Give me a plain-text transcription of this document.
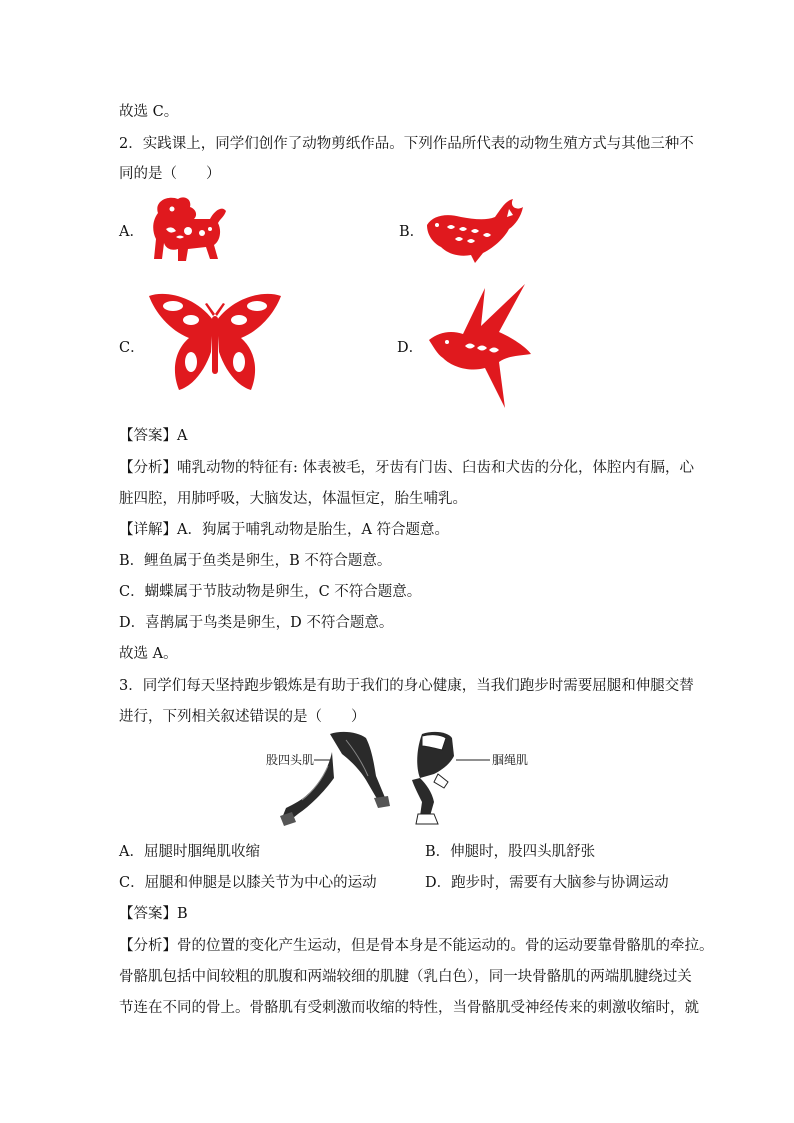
故选 C。
2．实践课上，同学们创作了动物剪纸作品。下列作品所代表的动物生殖方式与其他三种不
同的是（　　）
A．	B．
C．	D．
【答案】A
【分析】哺乳动物的特征有: 体表被毛，牙齿有门齿、臼齿和犬齿的分化，体腔内有膈，心
脏四腔，用肺呼吸，大脑发达，体温恒定，胎生哺乳。
【详解】A．狗属于哺乳动物是胎生，A 符合题意。
B．鲤鱼属于鱼类是卵生，B 不符合题意。
C．蝴蝶属于节肢动物是卵生，C 不符合题意。
D．喜鹊属于鸟类是卵生，D 不符合题意。
故选 A。
3．同学们每天坚持跑步锻炼是有助于我们的身心健康，当我们跑步时需要屈腿和伸腿交替
进行，下列相关叙述错误的是（　　）
股四头肌	腘绳肌
A．屈腿时腘绳肌收缩	B．伸腿时，股四头肌舒张
C．屈腿和伸腿是以膝关节为中心的运动	D．跑步时，需要有大脑参与协调运动
【答案】B
【分析】骨的位置的变化产生运动，但是骨本身是不能运动的。骨的运动要靠骨骼肌的牵拉。
骨骼肌包括中间较粗的肌腹和两端较细的肌腱（乳白色），同一块骨骼肌的两端肌腱绕过关
节连在不同的骨上。骨骼肌有受刺激而收缩的特性，当骨骼肌受神经传来的刺激收缩时，就
